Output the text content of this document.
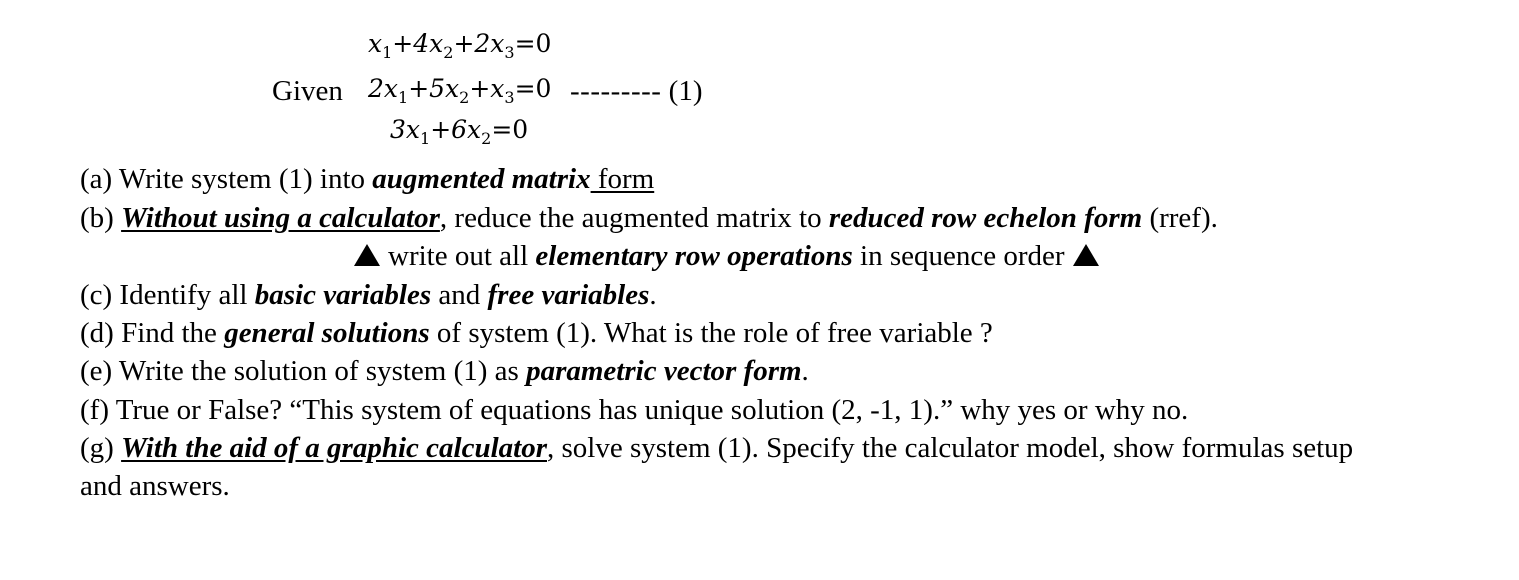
Given
$x_1+4x_2+2x_3=0$
$2x_1+5x_2+x_3=0$
$3x_1+6x_2=0$
--------- (1)
(a) Write system (1) into augmented matrix form
(b) Without using a calculator, reduce the augmented matrix to reduced row echelon form (rref).
write out all elementary row operations in sequence order
(c) Identify all basic variables and free variables.
(d) Find the general solutions of system (1). What is the role of free variable ?
(e) Write the solution of system (1) as parametric vector form.
(f) True or False? “This system of equations has unique solution (2, -1, 1).” why yes or why no.
(g) With the aid of a graphic calculator, solve system (1). Specify the calculator model, show formulas setup
and answers.
